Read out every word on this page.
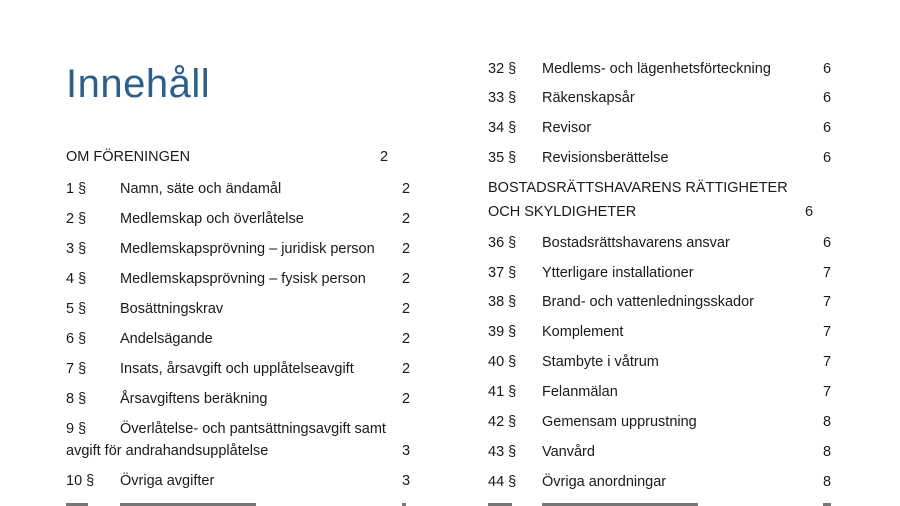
Innehåll
OM FÖRENINGEN	2
1 § Namn, säte och ändamål	2
2 § Medlemskap och överlåtelse	2
3 § Medlemskapsprövning – juridisk person 2
4 § Medlemskapsprövning – fysisk person 2
5 § Bosättningskrav	2
6 § Andelsägande	2
7 § Insats, årsavgift och upplåtelseavgift	2
8 § Årsavgiftens beräkning	2
9 § Överlåtelse- och pantsättningsavgift samt
avgift för andrahandsupplåtelse	3
10 § Övriga avgifter	3
32 § Medlems- och lägenhetsförteckning	6
33 § Räkenskapsår	6
34 § Revisor	6
35 § Revisionsberättelse	6
BOSTADSRÄTTSHAVARENS RÄTTIGHETER
OCH SKYLDIGHETER	6
36 § Bostadsrättshavarens ansvar	6
37 § Ytterligare installationer	7
38 § Brand- och vattenledningsskador	7
39 § Komplement	7
40 § Stambyte i våtrum	7
41 § Felanmälan	7
42 § Gemensam upprustning	8
43 § Vanvård	8
44 § Övriga anordningar	8
